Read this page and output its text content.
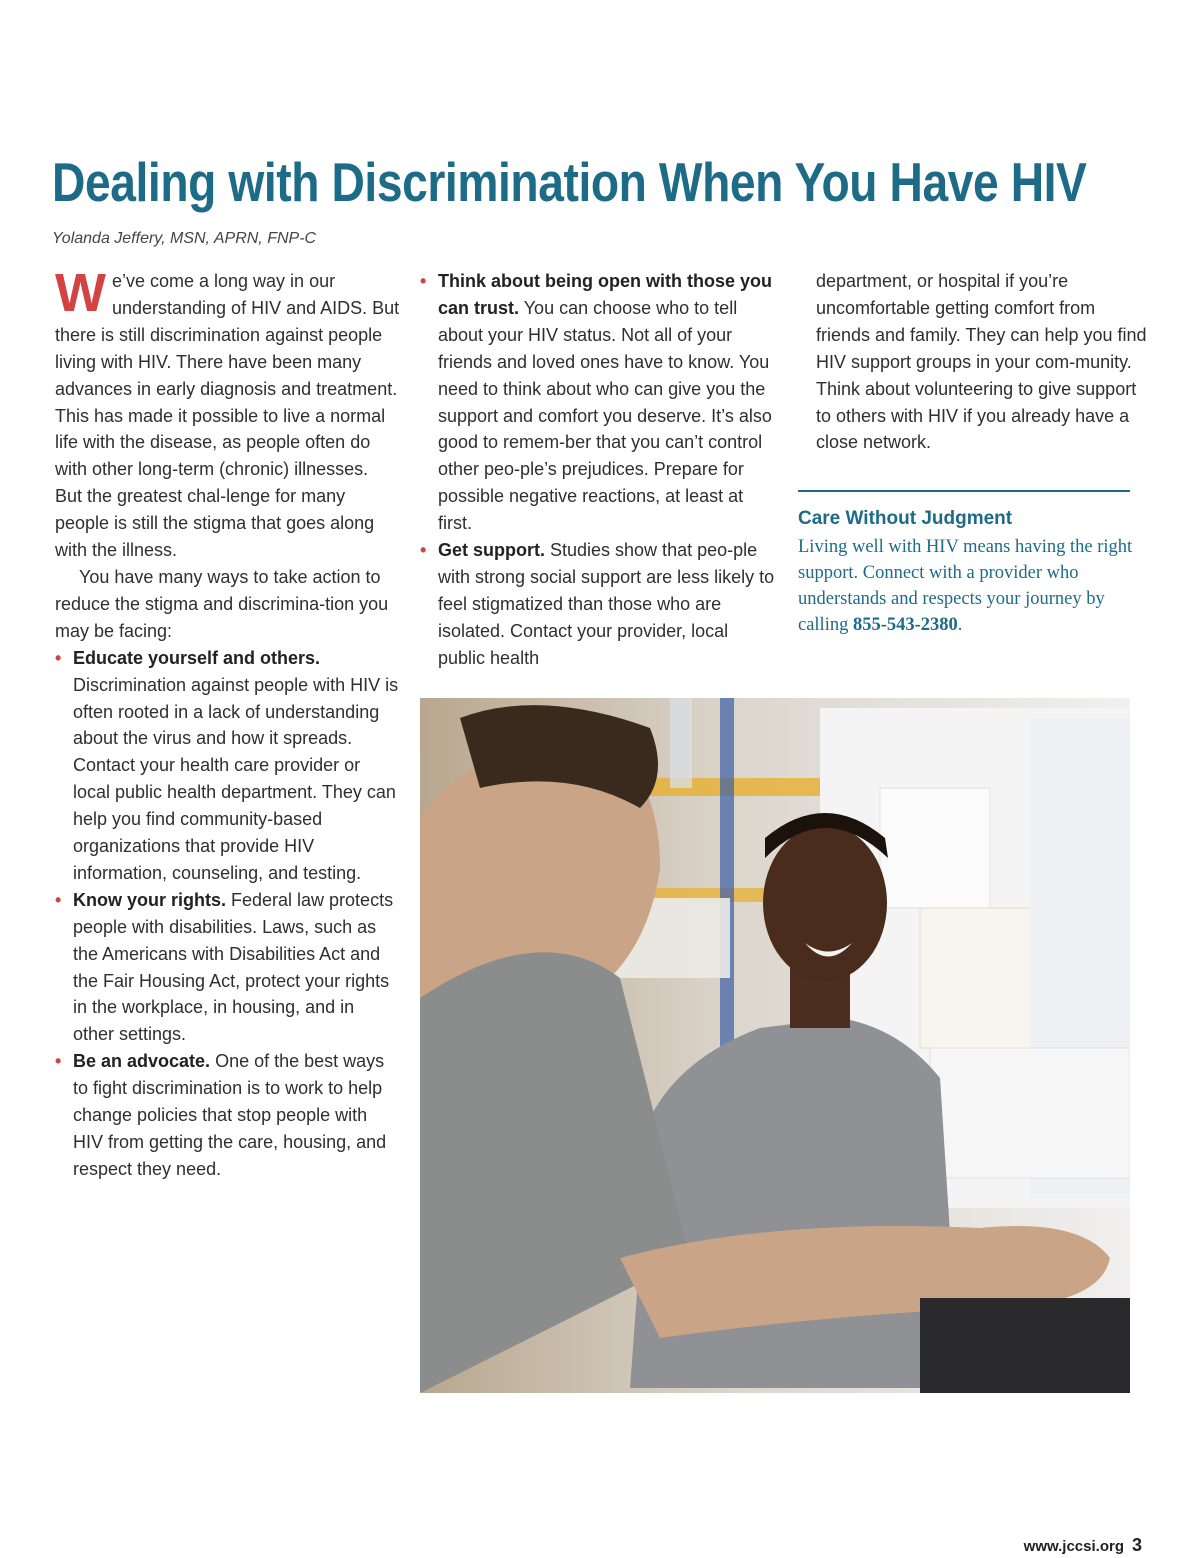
Dealing with Discrimination When You Have HIV
Yolanda Jeffery, MSN, APRN, FNP-C

We’ve come a long way in our understanding of HIV and AIDS. But there is still discrimination against people living with HIV. There have been many advances in early diagnosis and treatment. This has made it possible to live a normal life with the disease, as people often do with other long-term (chronic) illnesses. But the greatest chal-lenge for many people is still the stigma that goes along with the illness.

You have many ways to take action to reduce the stigma and discrimina-tion you may be facing:

• Educate yourself and others. Discrimination against people with HIV is often rooted in a lack of understanding about the virus and how it spreads. Contact your health care provider or local public health department. They can help you find community-based organizations that provide HIV information, counseling, and testing.
• Know your rights. Federal law protects people with disabilities. Laws, such as the Americans with Disabilities Act and the Fair Housing Act, protect your rights in the workplace, in housing, and in other settings.
• Be an advocate. One of the best ways to fight discrimination is to work to help change policies that stop people with HIV from getting the care, housing, and respect they need.
• Think about being open with those you can trust. You can choose who to tell about your HIV status. Not all of your friends and loved ones have to know. You need to think about who can give you the support and comfort you deserve. It’s also good to remem-ber that you can’t control other peo-ple’s prejudices. Prepare for possible negative reactions, at least at first.
• Get support. Studies show that peo-ple with strong social support are less likely to feel stigmatized than those who are isolated. Contact your provider, local public health

department, or hospital if you’re uncomfortable getting comfort from friends and family. They can help you find HIV support groups in your com-munity. Think about volunteering to give support to others with HIV if you already have a close network.

Care Without Judgment
Living well with HIV means having the right support. Connect with a provider who understands and respects your journey by calling 855-543-2380.
www.jccsi.org 3
